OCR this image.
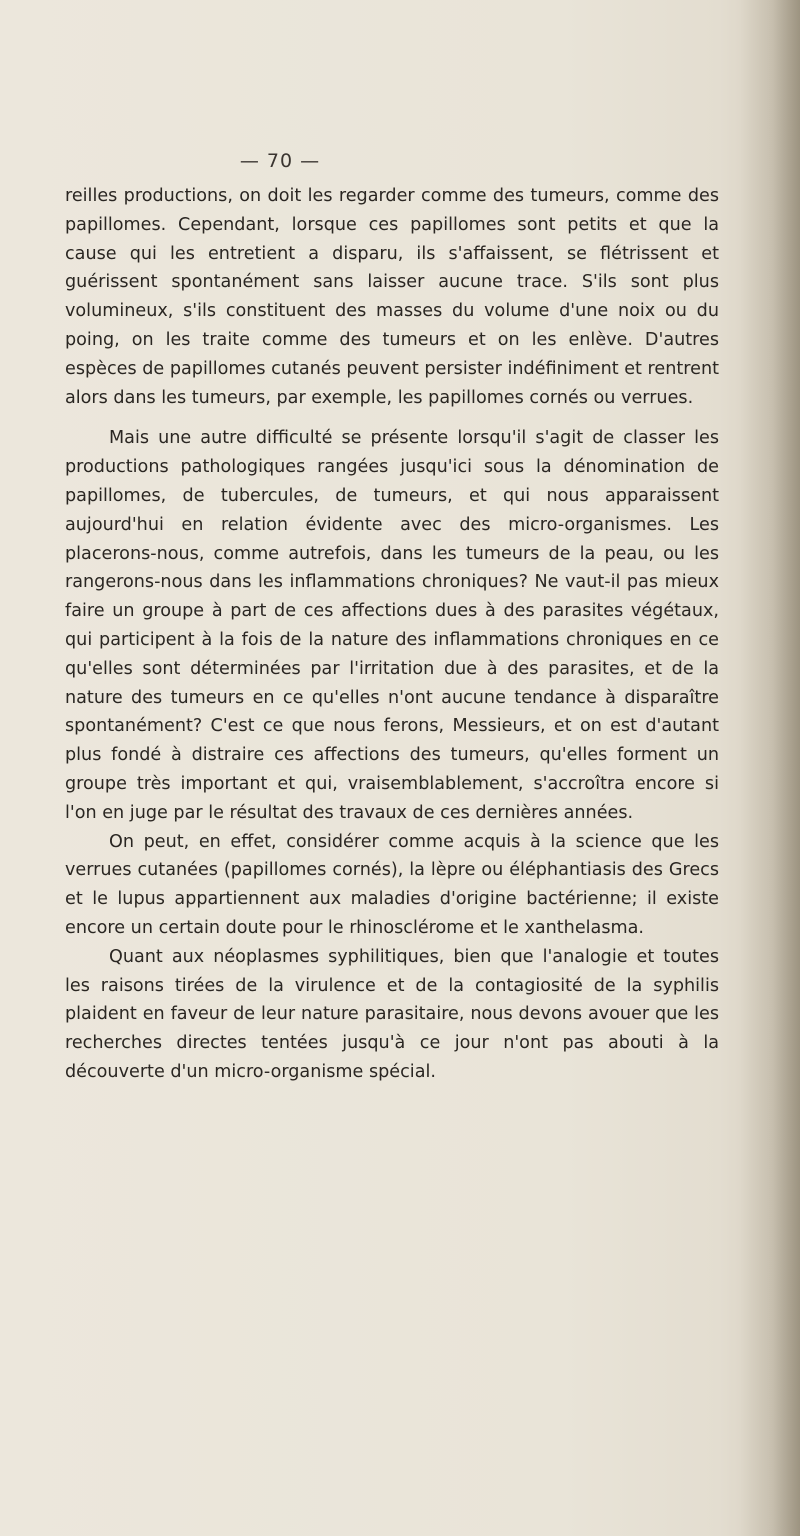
— 70 —

reilles productions, on doit les regarder comme des tumeurs, comme des papillomes. Cependant, lorsque ces papillomes sont petits et que la cause qui les entretient a disparu, ils s'affaissent, se flétrissent et guérissent spontanément sans laisser aucune trace. S'ils sont plus volumineux, s'ils constituent des masses du volume d'une noix ou du poing, on les traite comme des tumeurs et on les enlève. D'autres espèces de papillomes cutanés peuvent persister indéfiniment et rentrent alors dans les tumeurs, par exemple, les papillomes cornés ou verrues.

Mais une autre difficulté se présente lorsqu'il s'agit de classer les productions pathologiques rangées jusqu'ici sous la dénomination de papillomes, de tubercules, de tumeurs, et qui nous apparaissent aujourd'hui en relation évidente avec des micro-organismes. Les placerons-nous, comme autrefois, dans les tumeurs de la peau, ou les rangerons-nous dans les inflammations chroniques? Ne vaut-il pas mieux faire un groupe à part de ces affections dues à des parasites végétaux, qui participent à la fois de la nature des inflammations chroniques en ce qu'elles sont déterminées par l'irritation due à des parasites, et de la nature des tumeurs en ce qu'elles n'ont aucune tendance à disparaître spontanément? C'est ce que nous ferons, Messieurs, et on est d'autant plus fondé à distraire ces affections des tumeurs, qu'elles forment un groupe très important et qui, vraisemblablement, s'accroîtra encore si l'on en juge par le résultat des travaux de ces dernières années.

On peut, en effet, considérer comme acquis à la science que les verrues cutanées (papillomes cornés), la lèpre ou éléphantiasis des Grecs et le lupus appartiennent aux maladies d'origine bactérienne; il existe encore un certain doute pour le rhinosclérome et le xanthelasma.

Quant aux néoplasmes syphilitiques, bien que l'analogie et toutes les raisons tirées de la virulence et de la contagiosité de la syphilis plaident en faveur de leur nature parasitaire, nous devons avouer que les recherches directes tentées jusqu'à ce jour n'ont pas abouti à la découverte d'un micro-organisme spécial.
